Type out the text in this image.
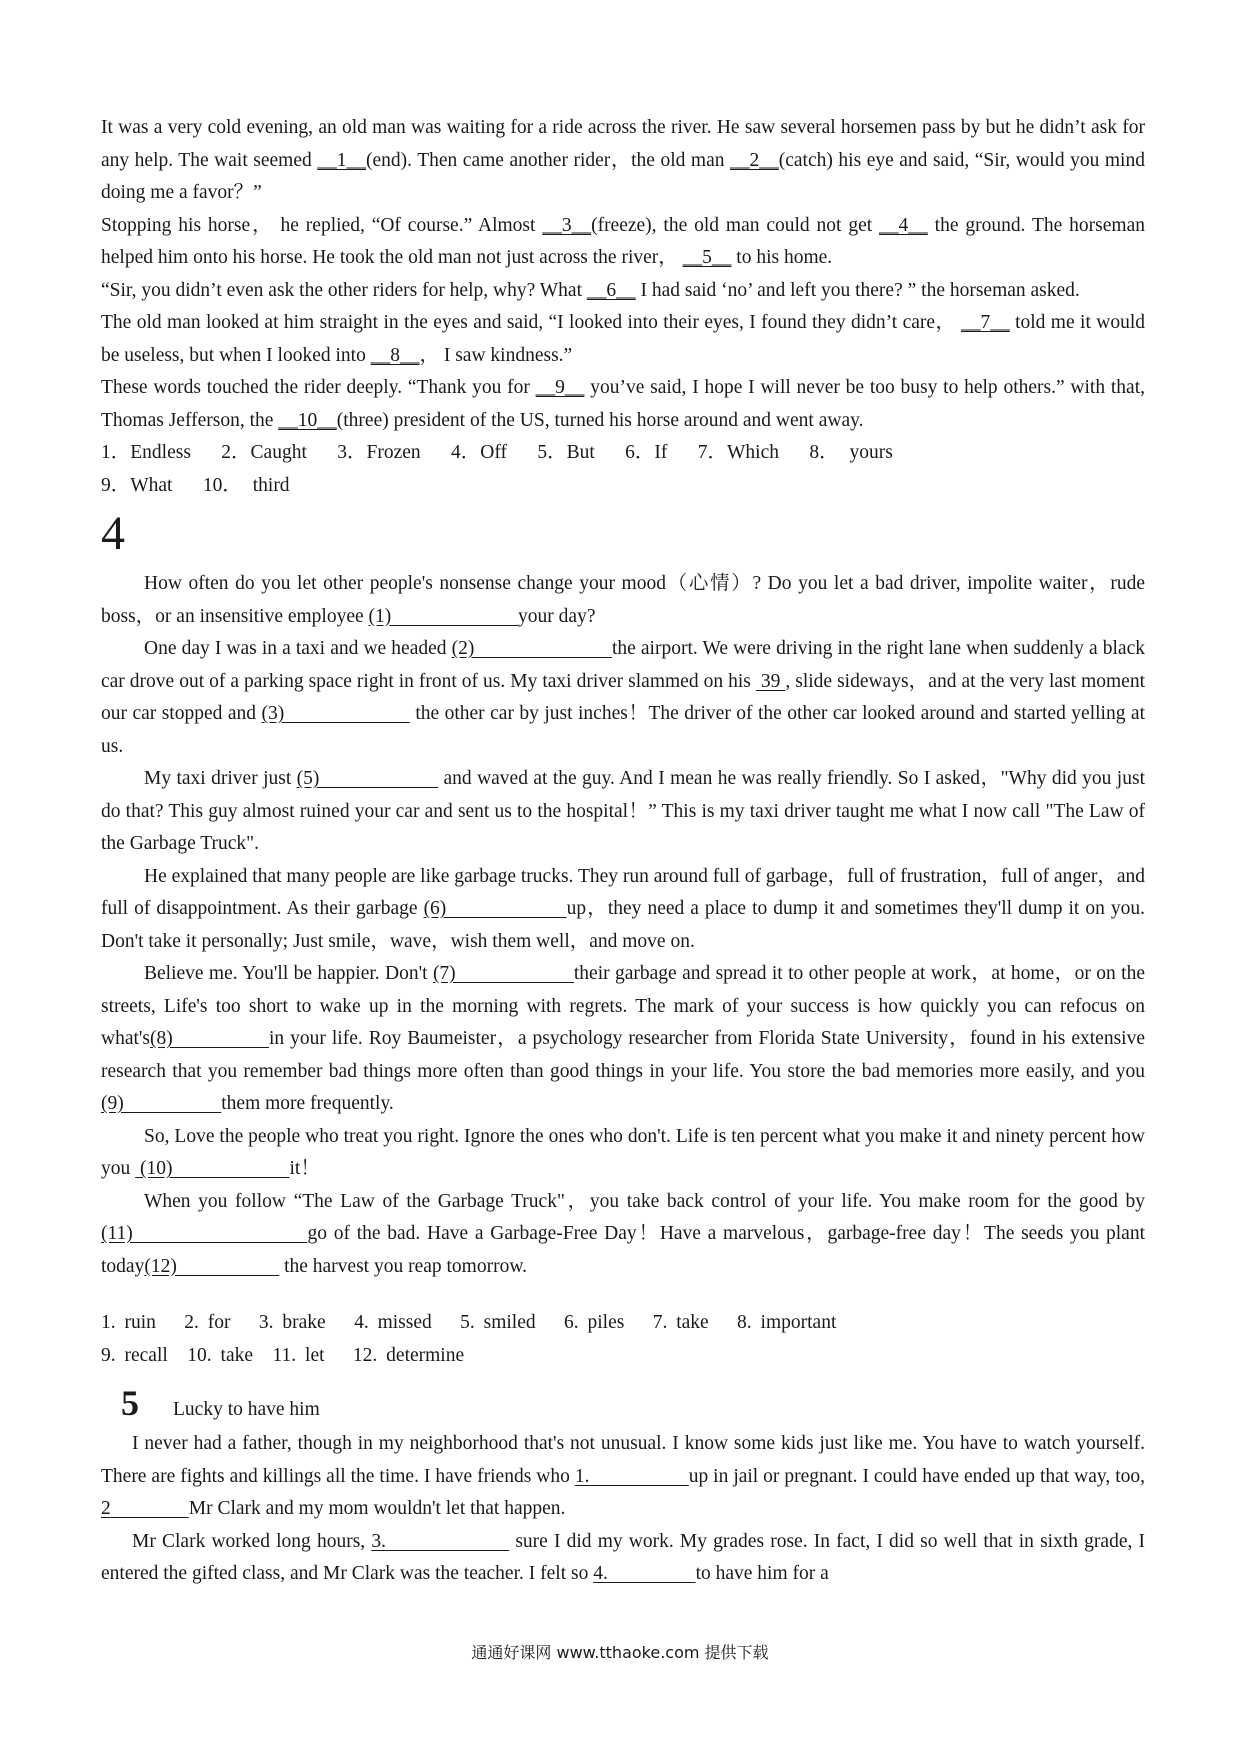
It was a very cold evening, an old man was waiting for a ride across the river. He saw several horsemen pass by but he didn’t ask for any help. The wait seemed __1__(end). Then came another rider，the old man __2__(catch) his eye and said, “Sir, would you mind doing me a favor？”

Stopping his horse， he replied, “Of course.” Almost __3__(freeze), the old man could not get __4__ the ground. The horseman helped him onto his horse. He took the old man not just across the river， __5__ to his home.

“Sir, you didn’t even ask the other riders for help, why? What __6__ I had said ‘no’ and left you there? ” the horseman asked.

The old man looked at him straight in the eyes and said, “I looked into their eyes, I found they didn’t care， __7__ told me it would be useless, but when I looked into __8__， I saw kindness.”

These words touched the rider deeply. “Thank you for __9__ you’ve said, I hope I will never be too busy to help others.” with that, Thomas Jefferson, the __10__(three) president of the US, turned his horse around and went away.

1．Endless　 2．Caught　 3．Frozen　 4．Off　 5．But　 6．If　 7．Which　 8． yours

9．What　 10． third

4

How often do you let other people's nonsense change your mood（心情）? Do you let a bad driver, impolite waiter，rude boss，or an insensitive employee (1)                          your day?

One day I was in a taxi and we headed (2)                           the airport. We were driving in the right lane when suddenly a black car drove out of a parking space right in front of us. My taxi driver slammed on his  39 , slide sideways，and at the very last moment our car stopped and (3)                        the other car by just inches！The driver of the other car looked around and started yelling at us.

My taxi driver just (5)                       and waved at the guy. And I mean he was really friendly. So I asked，"Why did you just do that? This guy almost ruined your car and sent us to the hospital！” This is my taxi driver taught me what I now call "The Law of the Garbage Truck".

He explained that many people are like garbage trucks. They run around full of garbage，full of frustration，full of anger，and full of disappointment. As their garbage (6)                    up，they need a place to dump it and sometimes they'll dump it on you. Don't take it personally; Just smile，wave，wish them well，and move on.

Believe me. You'll be happier. Don't (7)                      their garbage and spread it to other people at work，at home，or on the streets, Life's too short to wake up in the morning with regrets. The mark of your success is how quickly you can refocus on what's(8)                in your life. Roy Baumeister，a psychology researcher from Florida State University，found in his extensive research that you remember bad things more often than good things in your life. You store the bad memories more easily, and you (9)                    them more frequently.

So, Love the people who treat you right. Ignore the ones who don't. Life is ten percent what you make it and ninety percent how you  (10)                        it！

When you follow “The Law of the Garbage Truck"，you take back control of your life. You make room for the good by (11)                          go of the bad. Have a Garbage-Free Day！Have a marvelous，garbage-free day！The seeds you plant today(12)                      the harvest you reap tomorrow.

1. ruin　 2. for　 3. brake　 4. missed　 5. smiled　 6. piles　 7. take　 8. important

9. recall　10. take　11. let　 12. determine

5	Lucky to have him

I never had a father, though in my neighborhood that's not unusual. I know some kids just like me. You have to watch yourself. There are fights and killings all the time. I have friends who 1.                    up in jail or pregnant. I could have ended up that way, too, 2                Mr Clark and my mom wouldn't let that happen.

Mr Clark worked long hours, 3.                     sure I did my work. My grades rose. In fact, I did so well that in sixth grade, I entered the gifted class, and Mr Clark was the teacher. I felt so 4.                  to have him for a

通通好课网 www.tthaoke.com 提供下载
